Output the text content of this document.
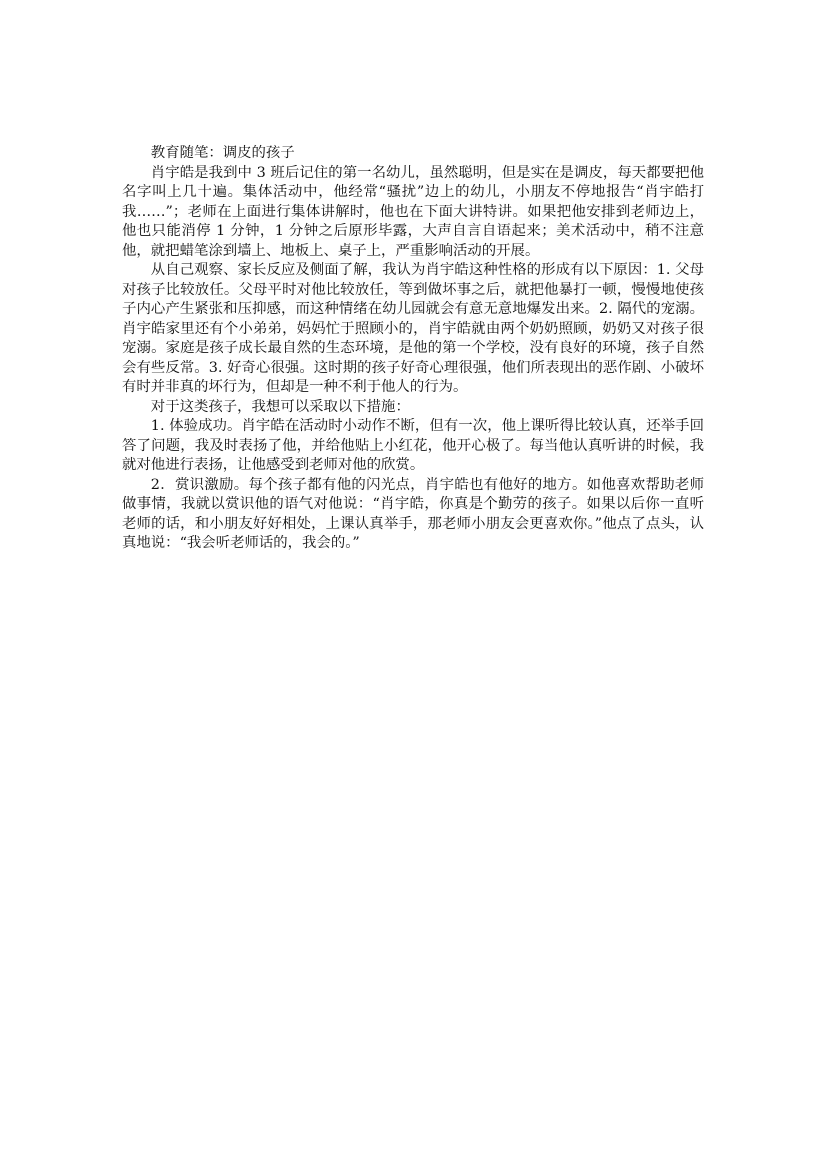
教育随笔：调皮的孩子

肖宇皓是我到中 3 班后记住的第一名幼儿，虽然聪明，但是实在是调皮，每天都要把他名字叫上几十遍。集体活动中，他经常“骚扰”边上的幼儿，小朋友不停地报告“肖宇皓打我……”；老师在上面进行集体讲解时，他也在下面大讲特讲。如果把他安排到老师边上，他也只能消停 1 分钟，1 分钟之后原形毕露，大声自言自语起来；美术活动中，稍不注意他，就把蜡笔涂到墙上、地板上、桌子上，严重影响活动的开展。

从自己观察、家长反应及侧面了解，我认为肖宇皓这种性格的形成有以下原因：1. 父母对孩子比较放任。父母平时对他比较放任，等到做坏事之后，就把他暴打一顿，慢慢地使孩子内心产生紧张和压抑感，而这种情绪在幼儿园就会有意无意地爆发出来。2. 隔代的宠溺。肖宇皓家里还有个小弟弟，妈妈忙于照顾小的，肖宇皓就由两个奶奶照顾，奶奶又对孩子很宠溺。家庭是孩子成长最自然的生态环境，是他的第一个学校，没有良好的环境，孩子自然会有些反常。3. 好奇心很强。这时期的孩子好奇心理很强，他们所表现出的恶作剧、小破坏有时并非真的坏行为，但却是一种不利于他人的行为。

对于这类孩子，我想可以采取以下措施：

1. 体验成功。肖宇皓在活动时小动作不断，但有一次，他上课听得比较认真，还举手回答了问题，我及时表扬了他，并给他贴上小红花，他开心极了。每当他认真听讲的时候，我就对他进行表扬，让他感受到老师对他的欣赏。

2．赏识激励。每个孩子都有他的闪光点，肖宇皓也有他好的地方。如他喜欢帮助老师做事情，我就以赏识他的语气对他说：“肖宇皓，你真是个勤劳的孩子。如果以后你一直听老师的话，和小朋友好好相处，上课认真举手，那老师小朋友会更喜欢你。”他点了点头，认真地说：“我会听老师话的，我会的。”
